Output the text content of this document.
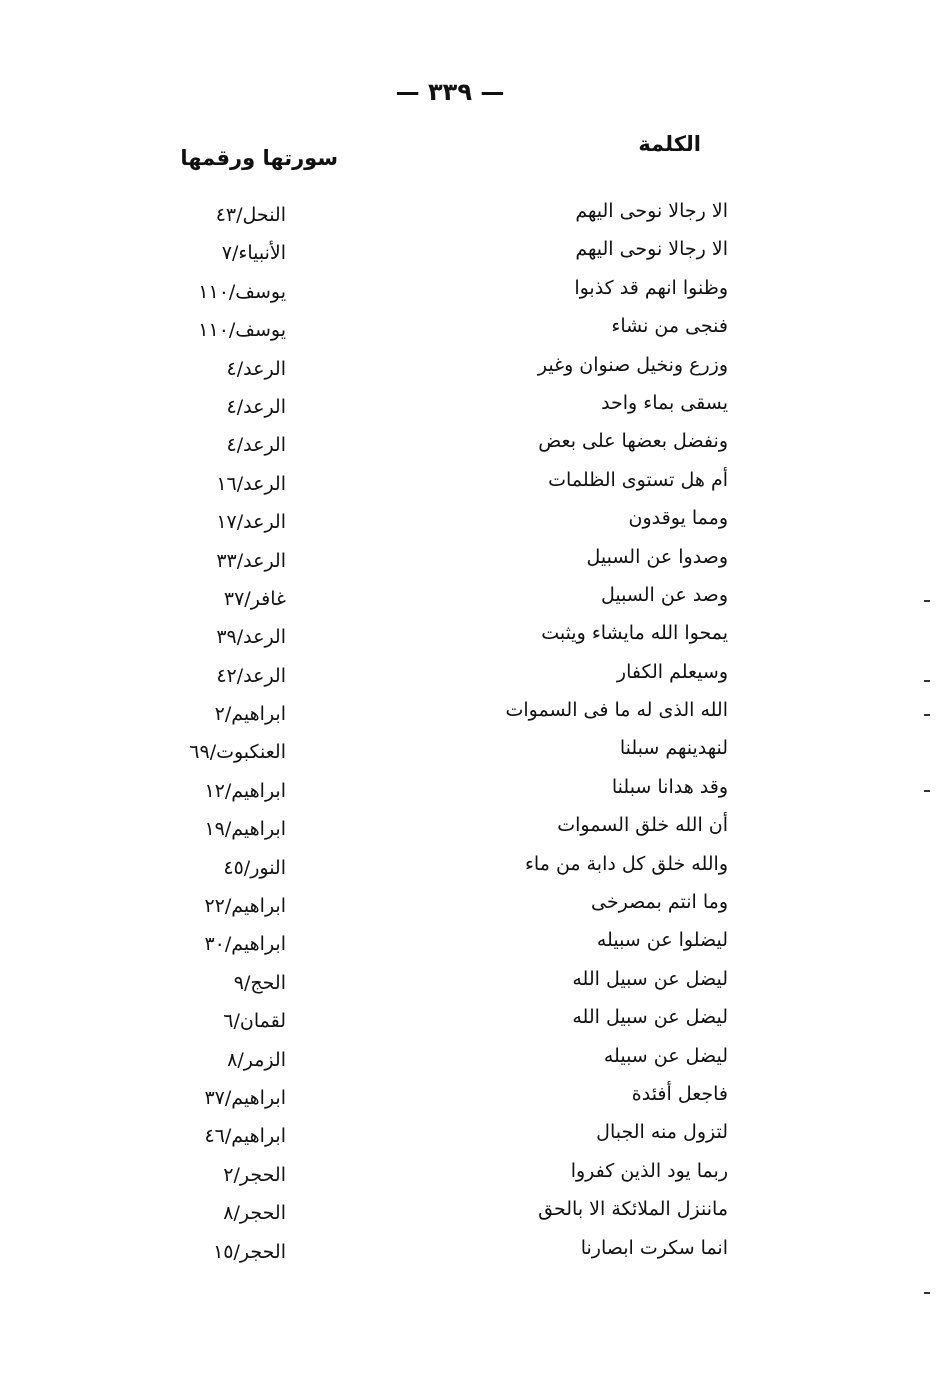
— ٣٣٩ —
الكلمة
سورتها ورقمها
الا رجالا نوحى اليهم
النحل/٤٣
الا رجالا نوحى اليهم
الأنبياء/٧
وظنوا انهم قد كذبوا
يوسف/١١٠
فنجى من نشاء
يوسف/١١٠
وزرع ونخيل صنوان وغير
الرعد/٤
يسقى بماء واحد
الرعد/٤
ونفضل بعضها على بعض
الرعد/٤
أم هل تستوى الظلمات
الرعد/١٦
ومما يوقدون
الرعد/١٧
وصدوا عن السبيل
الرعد/٣٣
وصد عن السبيل
غافر/٣٧
يمحوا الله مايشاء ويثبت
الرعد/٣٩
وسيعلم الكفار
الرعد/٤٢
الله الذى له ما فى السموات
ابراهيم/٢
لنهدينهم سبلنا
العنكبوت/٦٩
وقد هدانا سبلنا
ابراهيم/١٢
أن الله خلق السموات
ابراهيم/١٩
والله خلق كل دابة من ماء
النور/٤٥
وما انتم بمصرخى
ابراهيم/٢٢
ليضلوا عن سبيله
ابراهيم/٣٠
ليضل عن سبيل الله
الحج/٩
ليضل عن سبيل الله
لقمان/٦
ليضل عن سبيله
الزمر/٨
فاجعل أفئدة
ابراهيم/٣٧
لتزول منه الجبال
ابراهيم/٤٦
ربما يود الذين كفروا
الحجر/٢
ماننزل الملائكة الا بالحق
الحجر/٨
انما سكرت ابصارنا
الحجر/١٥
